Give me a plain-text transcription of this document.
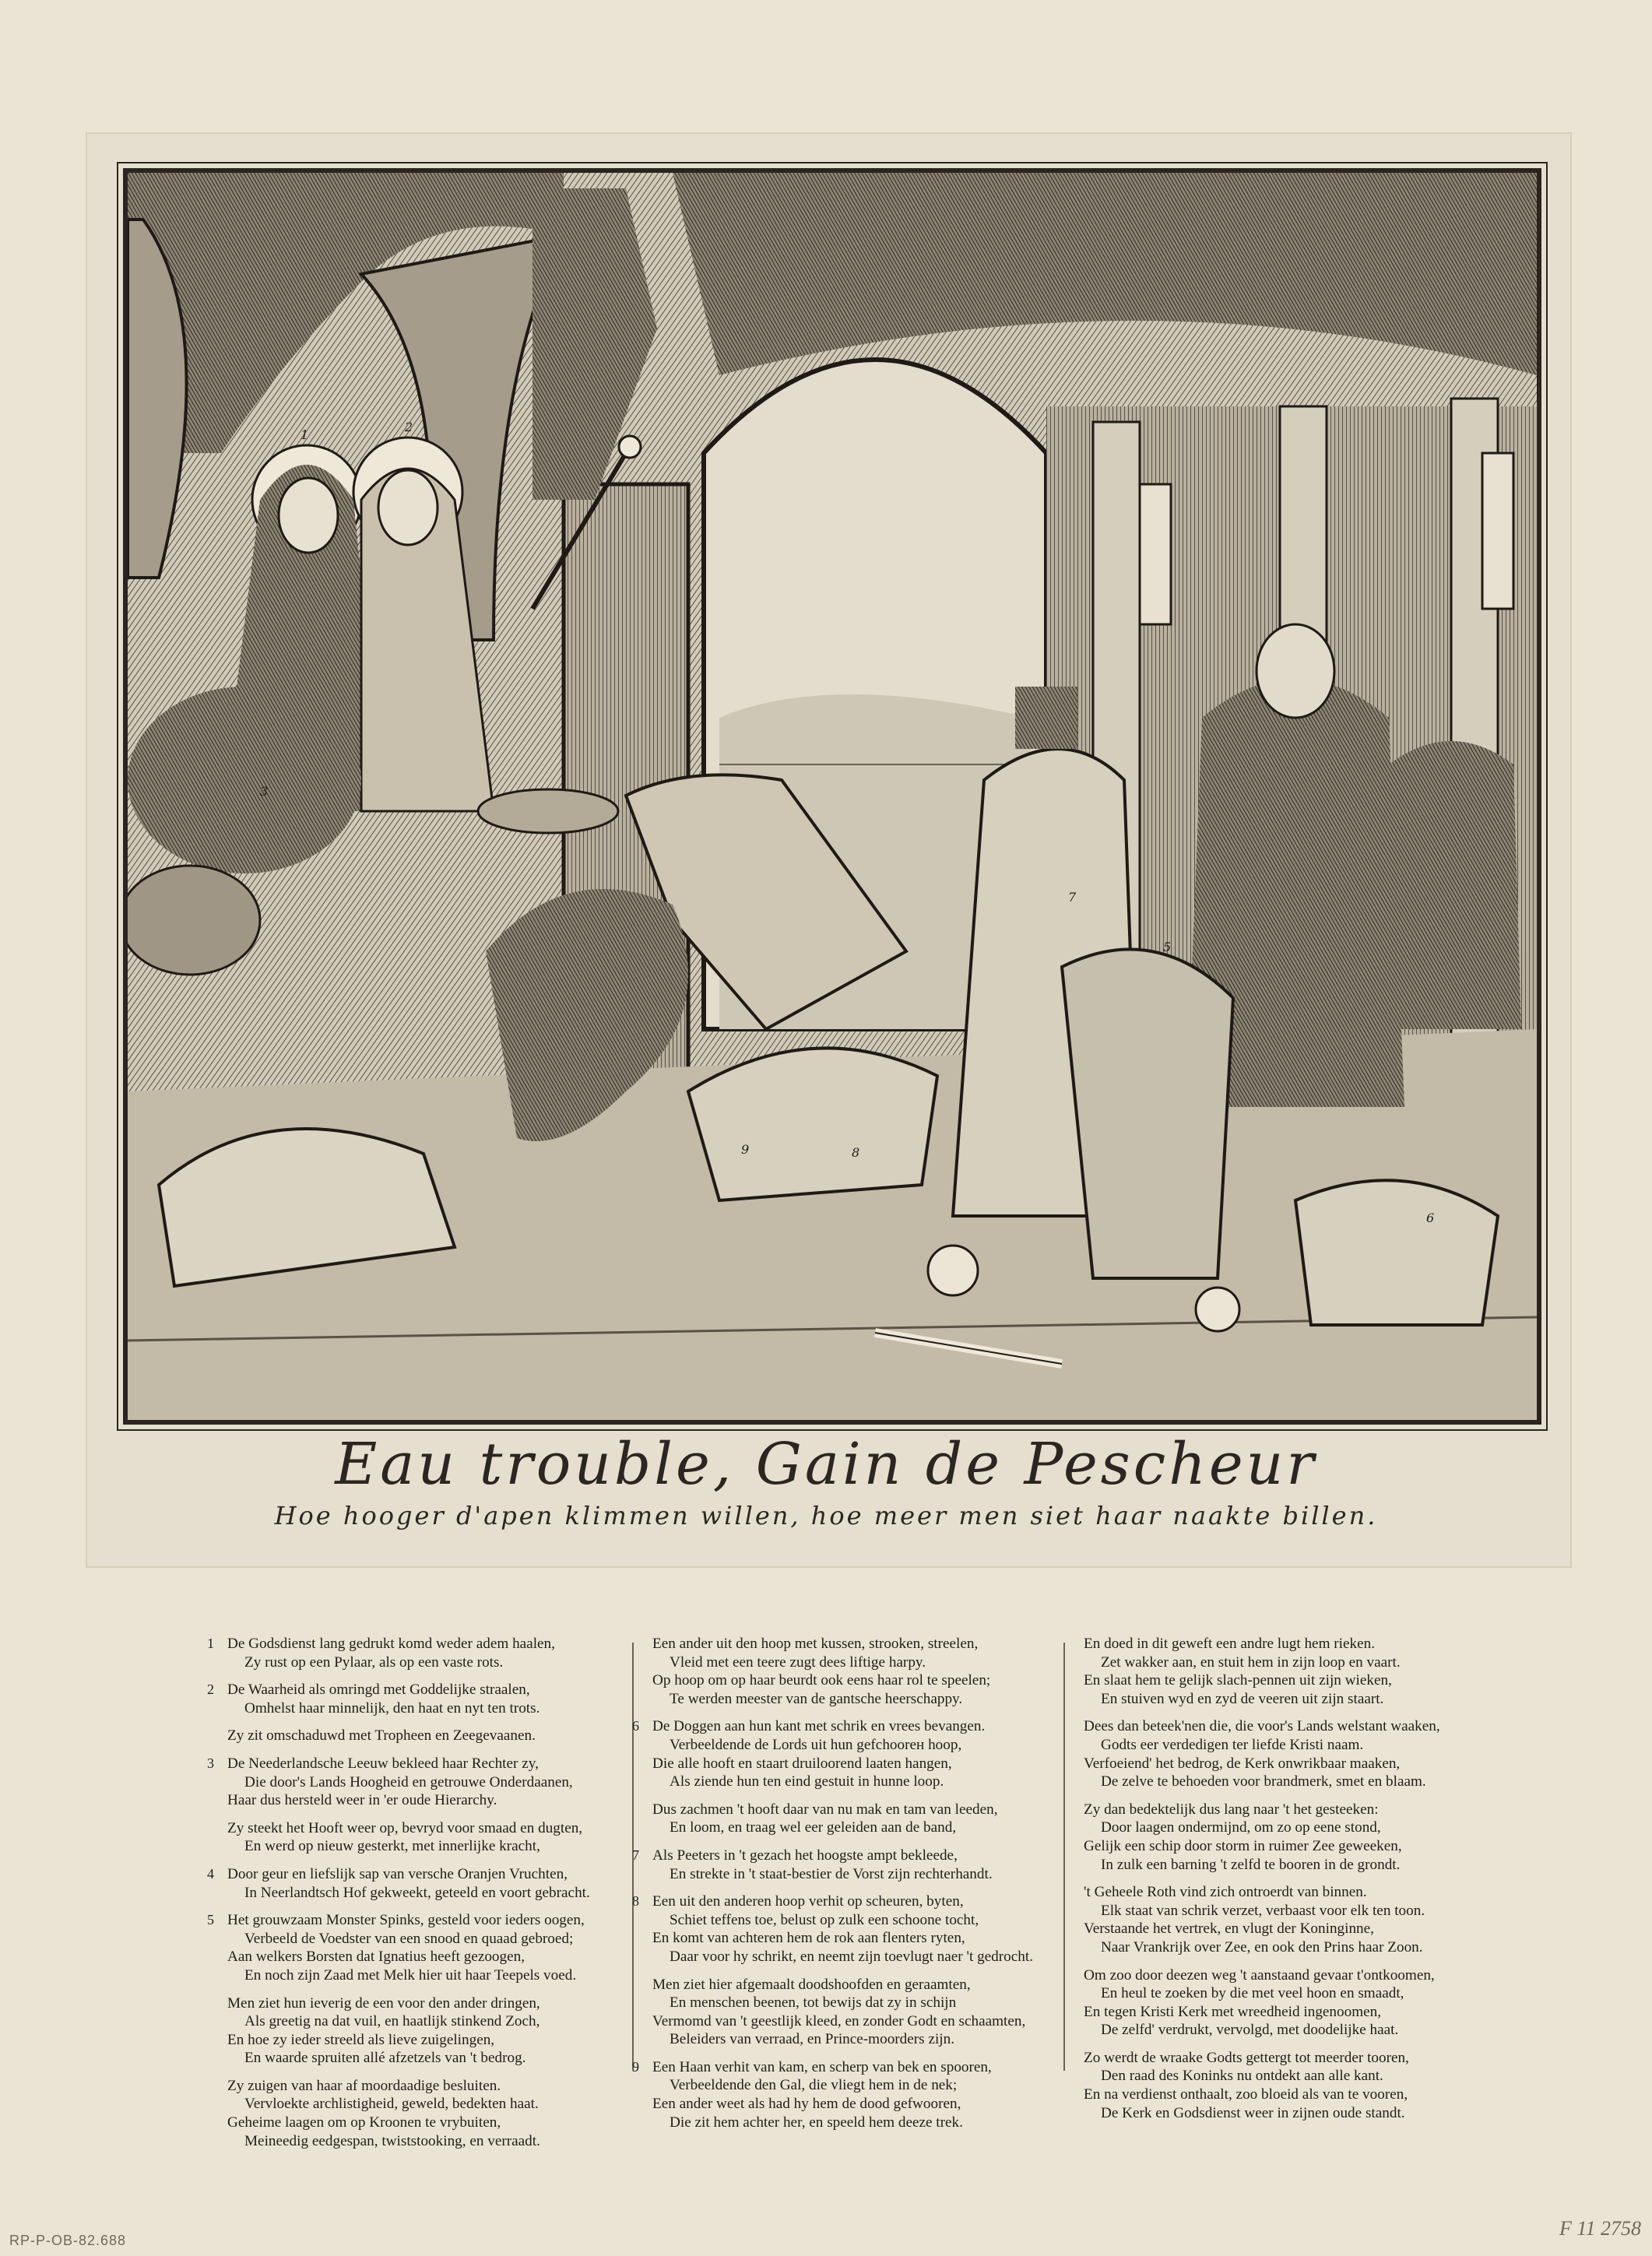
1
2
3
5
6
7
8
9
Eau trouble, Gain de Pescheur
Hoe hooger d'apen klimmen willen, hoe meer men siet haar naakte billen.
1 De Godsdienst lang gedrukt komd weder adem haalen,
Zy rust op een Pylaar, als op een vaste rots.
2 De Waarheid als omringd met Goddelijke straalen,
Omhelst haar minnelijk, den haat en nyt ten trots.
Zy zit omschaduwd met Tropheen en Zeegevaanen.
3 De Neederlandsche Leeuw bekleed haar Rechter zy,
Die door's Lands Hoogheid en getrouwe Onderdaanen,
Haar dus hersteld weer in 'er oude Hierarchy.
Zy steekt het Hooft weer op, bevryd voor smaad en dugten,
En werd op nieuw gesterkt, met innerlijke kracht,
4 Door geur en liefslijk sap van versche Oranjen Vruchten,
In Neerlandtsch Hof gekweekt, geteeld en voort gebracht.
5 Het grouwzaam Monster Spinks, gesteld voor ieders oogen,
Verbeeld de Voedster van een snood en quaad gebroed;
Aan welkers Borsten dat Ignatius heeft gezoogen,
En noch zijn Zaad met Melk hier uit haar Teepels voed.
Men ziet hun ieverig de een voor den ander dringen,
Als greetig na dat vuil, en haatlijk stinkend Zoch,
En hoe zy ieder streeld als lieve zuigelingen,
En waarde spruiten allé afzetzels van 't bedrog.
Zy zuigen van haar af moordaadige besluiten.
Vervloekte archlistigheid, geweld, bedekten haat.
Geheime laagen om op Kroonen te vrybuiten,
Meineedig eedgespan, twiststooking, en verraadt.
Een ander uit den hoop met kussen, strooken, streelen,
Vleid met een teere zugt dees liftige harpy.
Op hoop om op haar beurdt ook eens haar rol te speelen;
Te werden meester van de gantsche heerschappy.
6 De Doggen aan hun kant met schrik en vrees bevangen.
Verbeeldende de Lords uit hun gefchoorен hoop,
Die alle hooft en staart druiloorend laaten hangen,
Als ziende hun ten eind gestuit in hunne loop.
Dus zachmen 't hooft daar van nu mak en tam van leeden,
En loom, en traag wel eer geleiden aan de band,
7 Als Peeters in 't gezach het hoogste ampt bekleede,
En strekte in 't staat-bestier de Vorst zijn rechterhandt.
8 Een uit den anderen hoop verhit op scheuren, byten,
Schiet teffens toe, belust op zulk een schoone tocht,
En komt van achteren hem de rok aan flenters ryten,
Daar voor hy schrikt, en neemt zijn toevlugt naer 't gedrocht.
Men ziet hier afgemaalt doodshoofden en geraamten,
En menschen beenen, tot bewijs dat zy in schijn
Vermomd van 't geestlijk kleed, en zonder Godt en schaamten,
Beleiders van verraad, en Prince-moorders zijn.
9 Een Haan verhit van kam, en scherp van bek en spooren,
Verbeeldende den Gal, die vliegt hem in de nek;
Een ander weet als had hy hem de dood gefwooren,
Die zit hem achter her, en speeld hem deeze trek.
En doed in dit geweft een andre lugt hem rieken.
Zet wakker aan, en stuit hem in zijn loop en vaart.
En slaat hem te gelijk slach-pennen uit zijn wieken,
En stuiven wyd en zyd de veeren uit zijn staart.
Dees dan beteek'nen die, die voor's Lands welstant waaken,
Godts eer verdedigen ter liefde Kristi naam.
Verfoeiend' het bedrog, de Kerk onwrikbaar maaken,
De zelve te behoeden voor brandmerk, smet en blaam.
Zy dan bedektelijk dus lang naar 't het gesteeken:
Door laagen ondermijnd, om zo op eene stond,
Gelijk een schip door storm in ruimer Zee geweeken,
In zulk een barning 't zelfd te booren in de grondt.
't Geheele Roth vind zich ontroerdt van binnen.
Elk staat van schrik verzet, verbaast voor elk ten toon.
Verstaande het vertrek, en vlugt der Koninginne,
Naar Vrankrijk over Zee, en ook den Prins haar Zoon.
Om zoo door deezen weg 't aanstaand gevaar t'ontkoomen,
En heul te zoeken by die met veel hoon en smaadt,
En tegen Kristi Kerk met wreedheid ingenoomen,
De zelfd' verdrukt, vervolgd, met doodelijke haat.
Zo werdt de wraake Godts gettergt tot meerder tooren,
Den raad des Koninks nu ontdekt aan alle kant.
En na verdienst onthaalt, zoo bloeid als van te vooren,
De Kerk en Godsdienst weer in zijnen oude standt.
RP-P-OB-82.688
F 11 2758
